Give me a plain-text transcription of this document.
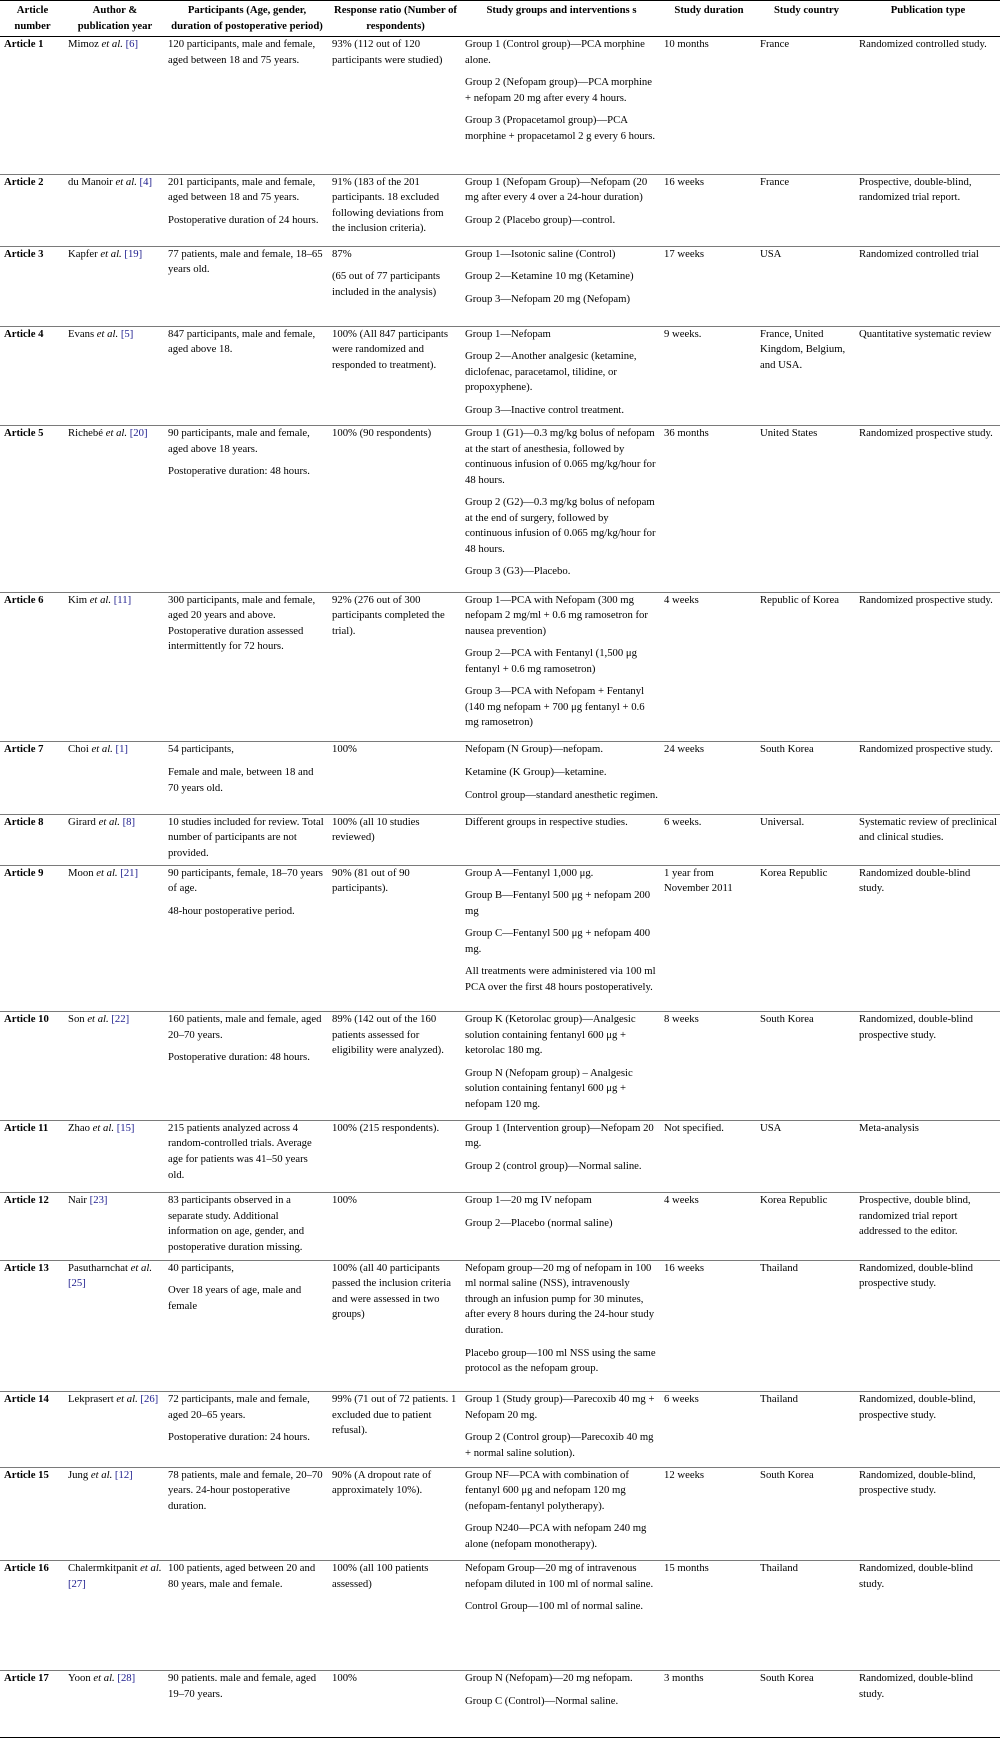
Article number	Author & publication year	Participants (Age, gender, duration of postoperative period)	Response ratio (Number of respondents)	Study groups and interventions s	Study duration	Study country	Publication type
Article 1	Mimoz et al. [6]	120 participants, male and female, aged between 18 and 75 years.	93% (112 out of 120 participants were studied)	Group 1 (Control group)—PCA morphine alone.
Group 2 (Nefopam group)—PCA morphine + nefopam 20 mg after every 4 hours.
Group 3 (Propacetamol group)—PCA morphine + propacetamol 2 g every 6 hours.	10 months	France	Randomized controlled study.
Article 2	du Manoir et al. [4]	201 participants, male and female, aged between 18 and 75 years.
Postoperative duration of 24 hours.	91% (183 of the 201 participants. 18 excluded following deviations from the inclusion criteria).	Group 1 (Nefopam Group)—Nefopam (20 mg after every 4 over a 24-hour duration)
Group 2 (Placebo group)—control.	16 weeks	France	Prospective, double-blind, randomized trial report.
Article 3	Kapfer et al. [19]	77 patients, male and female, 18–65 years old.	87%
(65 out of 77 participants included in the analysis)	Group 1—Isotonic saline (Control)
Group 2—Ketamine 10 mg (Ketamine)
Group 3—Nefopam 20 mg (Nefopam)	17 weeks	USA	Randomized controlled trial
Article 4	Evans et al. [5]	847 participants, male and female, aged above 18.	100% (All 847 participants were randomized and responded to treatment).	Group 1—Nefopam
Group 2—Another analgesic (ketamine, diclofenac, paracetamol, tilidine, or propoxyphene).
Group 3—Inactive control treatment.	9 weeks.	France, United Kingdom, Belgium, and USA.	Quantitative systematic review
Article 5	Richebé et al. [20]	90 participants, male and female, aged above 18 years.
Postoperative duration: 48 hours.	100% (90 respondents)	Group 1 (G1)—0.3 mg/kg bolus of nefopam at the start of anesthesia, followed by continuous infusion of 0.065 mg/kg/hour for 48 hours.
Group 2 (G2)—0.3 mg/kg bolus of nefopam at the end of surgery, followed by continuous infusion of 0.065 mg/kg/hour for 48 hours.
Group 3 (G3)—Placebo.	36 months	United States	Randomized prospective study.
Article 6	Kim et al. [11]	300 participants, male and female, aged 20 years and above. Postoperative duration assessed intermittently for 72 hours.	92% (276 out of 300 participants completed the trial).	Group 1—PCA with Nefopam (300 mg nefopam 2 mg/ml + 0.6 mg ramosetron for nausea prevention)
Group 2—PCA with Fentanyl (1,500 μg fentanyl + 0.6 mg ramosetron)
Group 3—PCA with Nefopam + Fentanyl (140 mg nefopam + 700 μg fentanyl + 0.6 mg ramosetron)	4 weeks	Republic of Korea	Randomized prospective study.
Article 7	Choi et al. [1]	54 participants,
Female and male, between 18 and 70 years old.	100%	Nefopam (N Group)—nefopam.
Ketamine (K Group)—ketamine.
Control group—standard anesthetic regimen.	24 weeks	South Korea	Randomized prospective study.
Article 8	Girard et al. [8]	10 studies included for review. Total number of participants are not provided.	100% (all 10 studies reviewed)	Different groups in respective studies.	6 weeks.	Universal.	Systematic review of preclinical and clinical studies.
Article 9	Moon et al. [21]	90 participants, female, 18–70 years of age.
48-hour postoperative period.	90% (81 out of 90 participants).	Group A—Fentanyl 1,000 μg.
Group B—Fentanyl 500 μg + nefopam 200 mg
Group C—Fentanyl 500 μg + nefopam 400 mg.
All treatments were administered via 100 ml PCA over the first 48 hours postoperatively.	1 year from November 2011	Korea Republic	Randomized double-blind study.
Article 10	Son et al. [22]	160 patients, male and female, aged 20–70 years.
Postoperative duration: 48 hours.	89% (142 out of the 160 patients assessed for eligibility were analyzed).	Group K (Ketorolac group)—Analgesic solution containing fentanyl 600 μg + ketorolac 180 mg.
Group N (Nefopam group) – Analgesic solution containing fentanyl 600 μg + nefopam 120 mg.	8 weeks	South Korea	Randomized, double-blind prospective study.
Article 11	Zhao et al. [15]	215 patients analyzed across 4 random-controlled trials. Average age for patients was 41–50 years old.	100% (215 respondents).	Group 1 (Intervention group)—Nefopam 20 mg.
Group 2 (control group)—Normal saline.	Not specified.	USA	Meta-analysis
Article 12	Nair [23]	83 participants observed in a separate study. Additional information on age, gender, and postoperative duration missing.	100%	Group 1—20 mg IV nefopam
Group 2—Placebo (normal saline)	4 weeks	Korea Republic	Prospective, double blind, randomized trial report addressed to the editor.
Article 13	Pasutharnchat et al. [25]	40 participants,
Over 18 years of age, male and female	100% (all 40 participants passed the inclusion criteria and were assessed in two groups)	Nefopam group—20 mg of nefopam in 100 ml normal saline (NSS), intravenously through an infusion pump for 30 minutes, after every 8 hours during the 24-hour study duration.
Placebo group—100 ml NSS using the same protocol as the nefopam group.	16 weeks	Thailand	Randomized, double-blind prospective study.
Article 14	Lekprasert et al. [26]	72 participants, male and female, aged 20–65 years.
Postoperative duration: 24 hours.	99% (71 out of 72 patients. 1 excluded due to patient refusal).	Group 1 (Study group)—Parecoxib 40 mg + Nefopam 20 mg.
Group 2 (Control group)—Parecoxib 40 mg + normal saline solution).	6 weeks	Thailand	Randomized, double-blind, prospective study.
Article 15	Jung et al. [12]	78 patients, male and female, 20–70 years. 24-hour postoperative duration.	90% (A dropout rate of approximately 10%).	Group NF—PCA with combination of fentanyl 600 μg and nefopam 120 mg (nefopam-fentanyl polytherapy).
Group N240—PCA with nefopam 240 mg alone (nefopam monotherapy).	12 weeks	South Korea	Randomized, double-blind, prospective study.
Article 16	Chalermkitpanit et al. [27]	100 patients, aged between 20 and 80 years, male and female.	100% (all 100 patients assessed)	Nefopam Group—20 mg of intravenous nefopam diluted in 100 ml of normal saline.
Control Group—100 ml of normal saline.	15 months	Thailand	Randomized, double-blind study.
Article 17	Yoon et al. [28]	90 patients. male and female, aged 19–70 years.	100%	Group N (Nefopam)—20 mg nefopam.
Group C (Control)—Normal saline.	3 months	South Korea	Randomized, double-blind study.
